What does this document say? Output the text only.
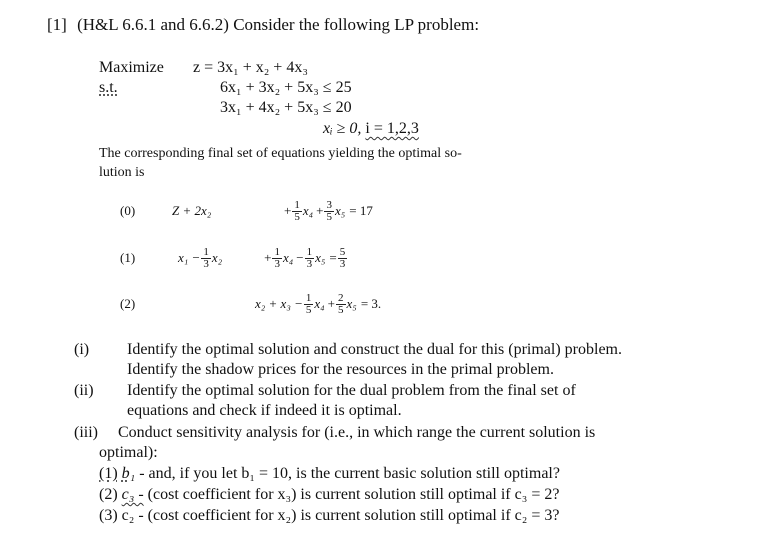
[1] (H&L 6.6.1 and 6.6.2) Consider the following LP problem:
Maximize z = 3x₁ + x₂ + 4x₃
s.t.	6x₁ + 3x₂ + 5x₃ ≤ 25
3x₁ + 4x₂ + 5x₃ ≤ 20
xᵢ ≥ 0, i = 1,2,3
The corresponding final set of equations yielding the optimal so-
lution is
(0)	Z + 2x₂	+ $\frac{1}{5} x_4 + \frac{3}{5} x_5 = 17$
(1)	$x_1 - \frac{1}{3} x_2$	+ $\frac{1}{3} x_4 - \frac{1}{3} x_5 = \frac{5}{3}$
(2)	$x_2 + x_3 - \frac{1}{5} x_4 + \frac{2}{5} x_5 = 3$.
(i) Identify the optimal solution and construct the dual for this (primal) problem.
Identify the shadow prices for the resources in the primal problem.
(ii) Identify the optimal solution for the dual problem from the final set of
equations and check if indeed it is optimal.
(iii) Conduct sensitivity analysis for (i.e., in which range the current solution is
optimal):
(1) b₁ - and, if you let b₁ = 10, is the current basic solution still optimal?
(2) c₃ - (cost coefficient for x₃) is current solution still optimal if c₃ = 2?
(3) c₂ - (cost coefficient for x₂) is current solution still optimal if c₂ = 3?
